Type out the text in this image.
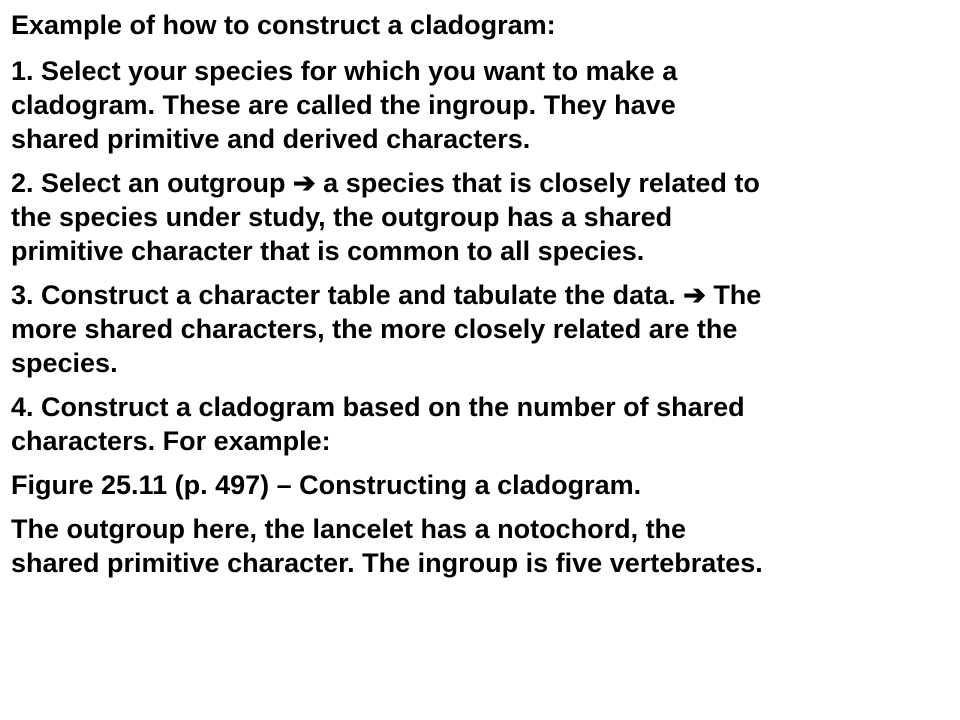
Example of how to construct a cladogram:

1. Select your species for which you want to make a
cladogram. These are called the ingroup. They have
shared primitive and derived characters.
2. Select an outgroup ➔ a species that is closely related to
the species under study, the outgroup has a shared
primitive character that is common to all species.
3. Construct a character table and tabulate the data. ➔ The
more shared characters, the more closely related are the
species.
4. Construct a cladogram based on the number of shared
characters. For example:

Figure 25.11 (p. 497) – Constructing a cladogram.

The outgroup here, the lancelet has a notochord, the
shared primitive character. The ingroup is five vertebrates.
